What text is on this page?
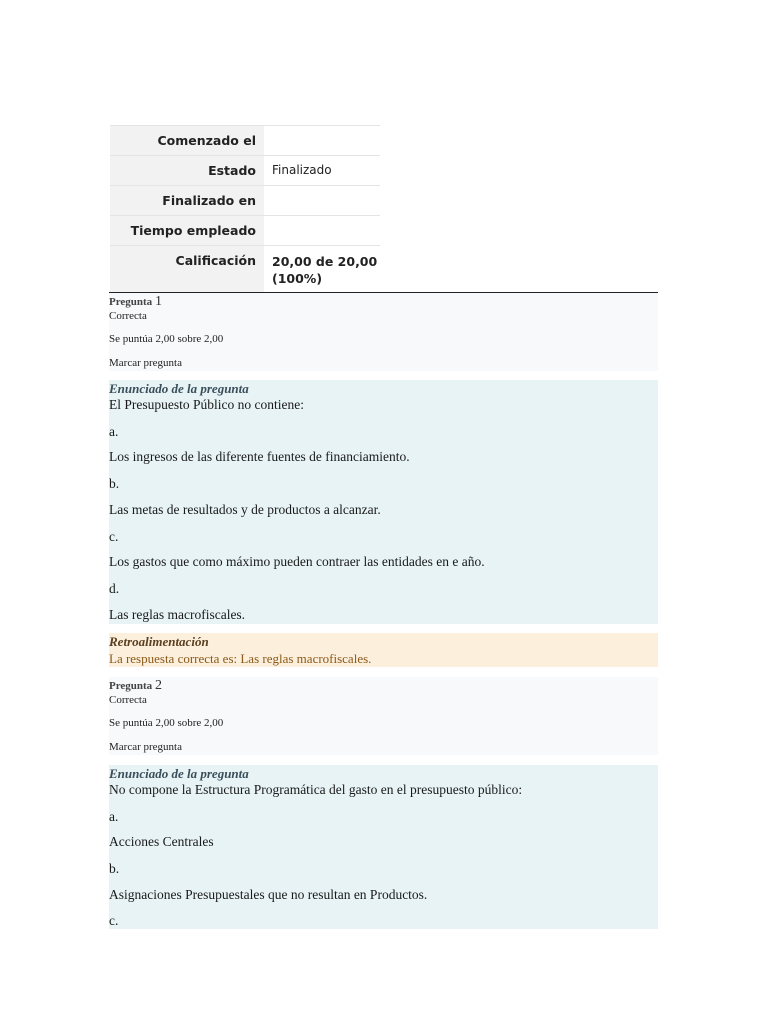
Comenzado el	
Estado	Finalizado
Finalizado en	
Tiempo empleado	
Calificación	20,00 de 20,00
(100%)
Pregunta 1
Correcta
Se puntúa 2,00 sobre 2,00
Marcar pregunta
Enunciado de la pregunta
El Presupuesto Público no contiene:
a.
Los ingresos de las diferente fuentes de financiamiento.
b.
Las metas de resultados y de productos a alcanzar.
c.
Los gastos que como máximo pueden contraer las entidades en e año.
d.
Las reglas macrofiscales.
Retroalimentación
La respuesta correcta es: Las reglas macrofiscales.
Pregunta 2
Correcta
Se puntúa 2,00 sobre 2,00
Marcar pregunta
Enunciado de la pregunta
No compone la Estructura Programática del gasto en el presupuesto público:
a.
Acciones Centrales
b.
Asignaciones Presupuestales que no resultan en Productos.
c.
